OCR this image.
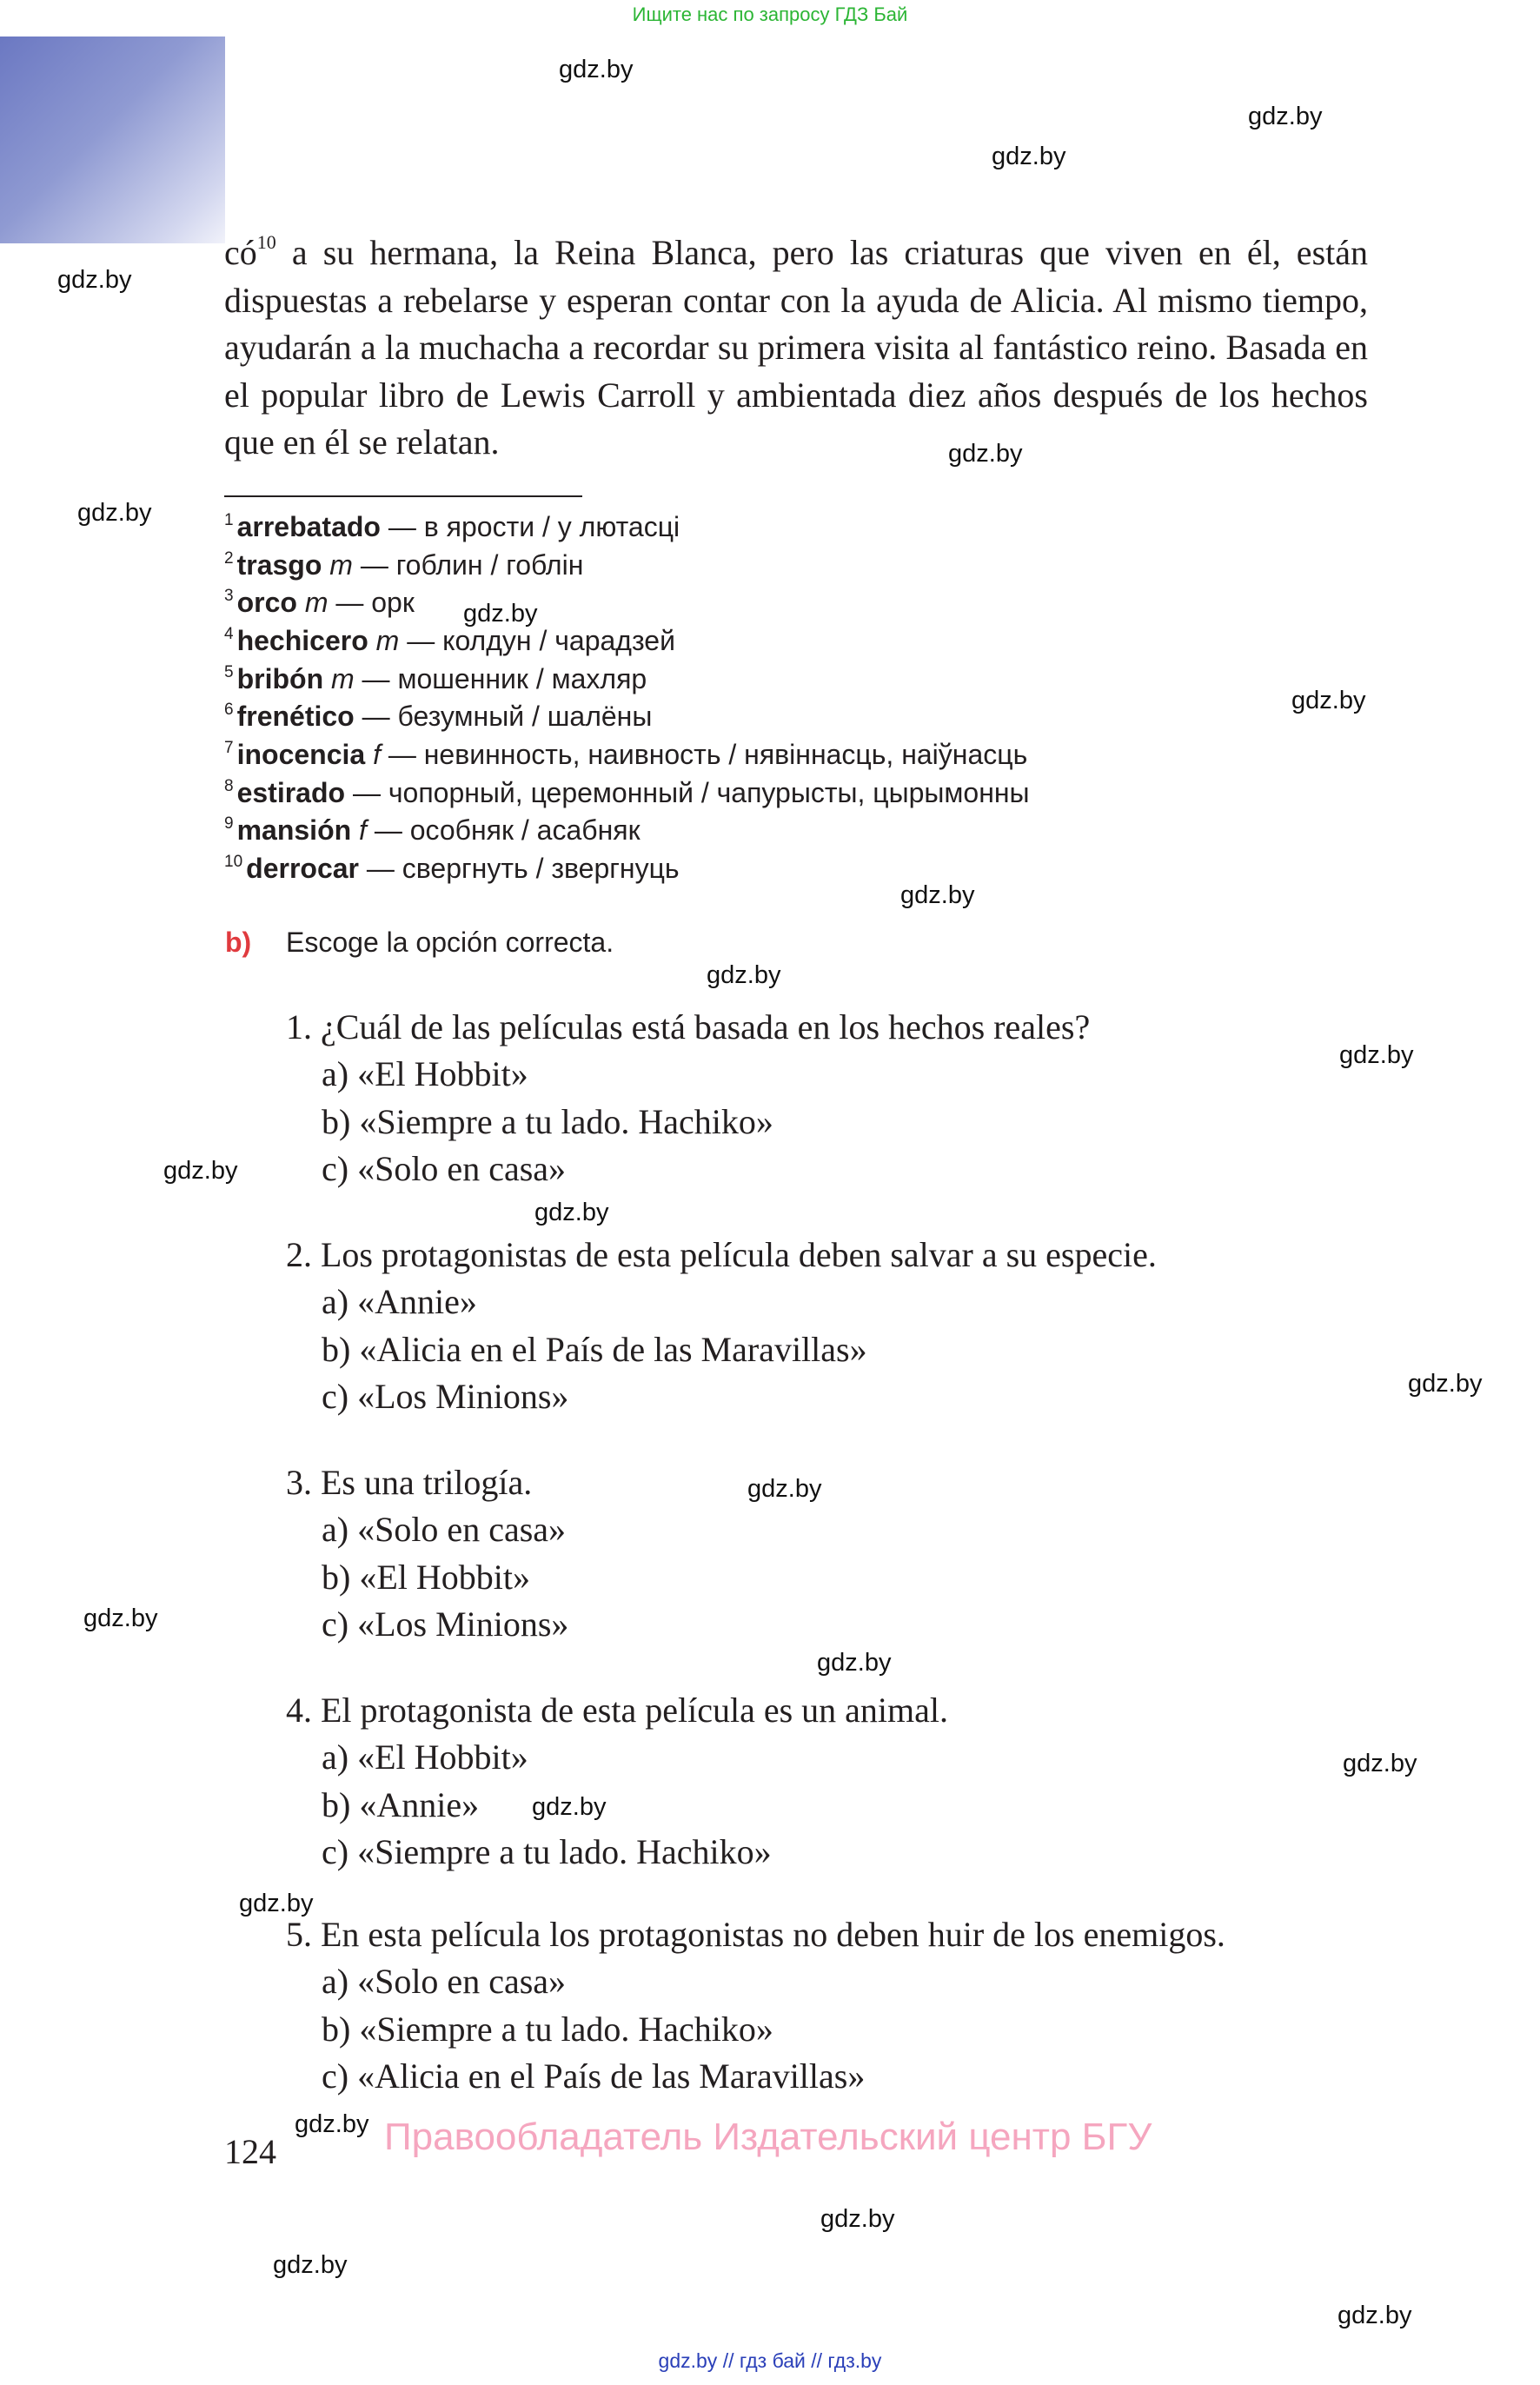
Ищите нас по запросу ГДЗ Бай
gdz.by
gdz.by
gdz.by
gdz.by
gdz.by
gdz.by
gdz.by
gdz.by
gdz.by
gdz.by
gdz.by
gdz.by
gdz.by
gdz.by
gdz.by
gdz.by
gdz.by
gdz.by
gdz.by
gdz.by
gdz.by
gdz.by
gdz.by
gdz.by
$có^{10}$ a su hermana, la Reina Blanca, pero las criaturas que viven en él, están dispuestas a rebelarse y esperan contar con la ayuda de Alicia. Al mismo tiempo, ayudarán a la muchacha a recordar su primera visita al fantástico reino. Basada en el popular libro de Lewis Carroll y ambientada diez años después de los hechos que en él se relatan.
$^1$ arrebatado — в ярости / у лютасці
$^2$ trasgo m — гоблин / гоблін
$^3$ orco m — орк
$^4$ hechicero m — колдун / чарадзей
$^5$ bribón m — мошенник / махляр
$^6$ frenético — безумный / шалёны
$^7$ inocencia f — невинность, наивность / нявіннасць, наіўнасць
$^8$ estirado — чопорный, церемонный / чапурысты, цырымонны
$^9$ mansión f — особняк / асабняк
$^{10}$ derrocar — свергнуть / звергнуць
b) Escoge la opción correcta.
1. ¿Cuál de las películas está basada en los hechos reales?
a) «El Hobbit»
b) «Siempre a tu lado. Hachiko»
c) «Solo en casa»
2. Los protagonistas de esta película deben salvar a su especie.
a) «Annie»
b) «Alicia en el País de las Maravillas»
c) «Los Minions»
3. Es una trilogía.
a) «Solo en casa»
b) «El Hobbit»
c) «Los Minions»
4. El protagonista de esta película es un animal.
a) «El Hobbit»
b) «Annie»
c) «Siempre a tu lado. Hachiko»
5. En esta película los protagonistas no deben huir de los enemigos.
a) «Solo en casa»
b) «Siempre a tu lado. Hachiko»
c) «Alicia en el País de las Maravillas»
124	Правообладатель Издательский центр БГУ
gdz.by // гдз бай // гдз.by
